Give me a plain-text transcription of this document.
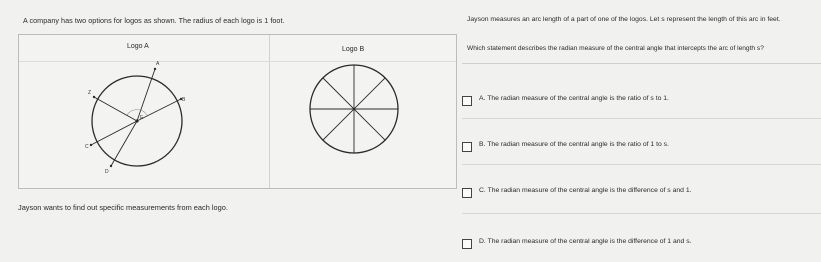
A company has two options for logos as shown. The radius of each logo is 1 foot.
Logo A	Logo B
A
Z
B
E
C
D
Jayson wants to find out specific measurements from each logo.
Jayson measures an arc length of a part of one of the logos. Let s represent the length of this arc in feet.
Which statement describes the radian measure of the central angle that intercepts the arc of length s?
A. The radian measure of the central angle is the ratio of s to 1.
B. The radian measure of the central angle is the ratio of 1 to s.
C. The radian measure of the central angle is the difference of s and 1.
D. The radian measure of the central angle is the difference of 1 and s.
